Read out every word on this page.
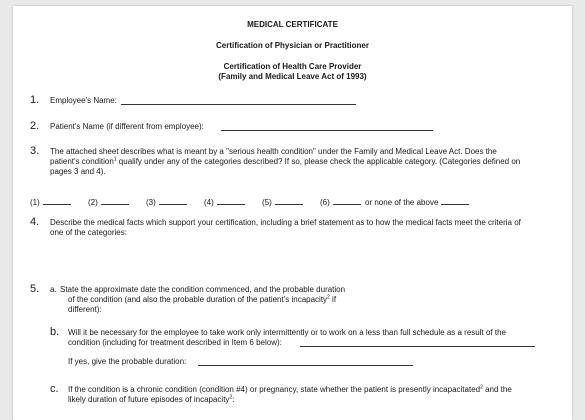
MEDICAL CERTIFICATE
Certification of Physician or Practitioner
Certification of Health Care Provider
(Family and Medical Leave Act of 1993)
1. Employee's Name:
2. Patient's Name (if different from employee):
3. The attached sheet describes what is meant by a "serious health condition" under the Family and Medical Leave Act. Does the
patient's condition$^1$ qualify under any of the categories described? If so, please check the applicable category. (Categories defined on
pages 3 and 4).
(1)	(2)	(3)	(4)	(5)	(6)	or none of the above
4. Describe the medical facts which support your certification, including a brief statement as to how the medical facts meet the criteria of
one of the categories:
5. a. State the approximate date the condition commenced, and the probable duration
of the condition (and also the probable duration of the patient's incapacity$^2$ if
different):
b. Will it be necessary for the employee to take work only intermittently or to work on a less than full schedule as a result of the
condition (including for treatment described in Item 6 below):
If yes, give the probable duration:
c. If the condition is a chronic condition (condition #4) or pregnancy, state whether the patient is presently incapacitated$^2$ and the
likely duration of future episodes of incapacity$^2$:
